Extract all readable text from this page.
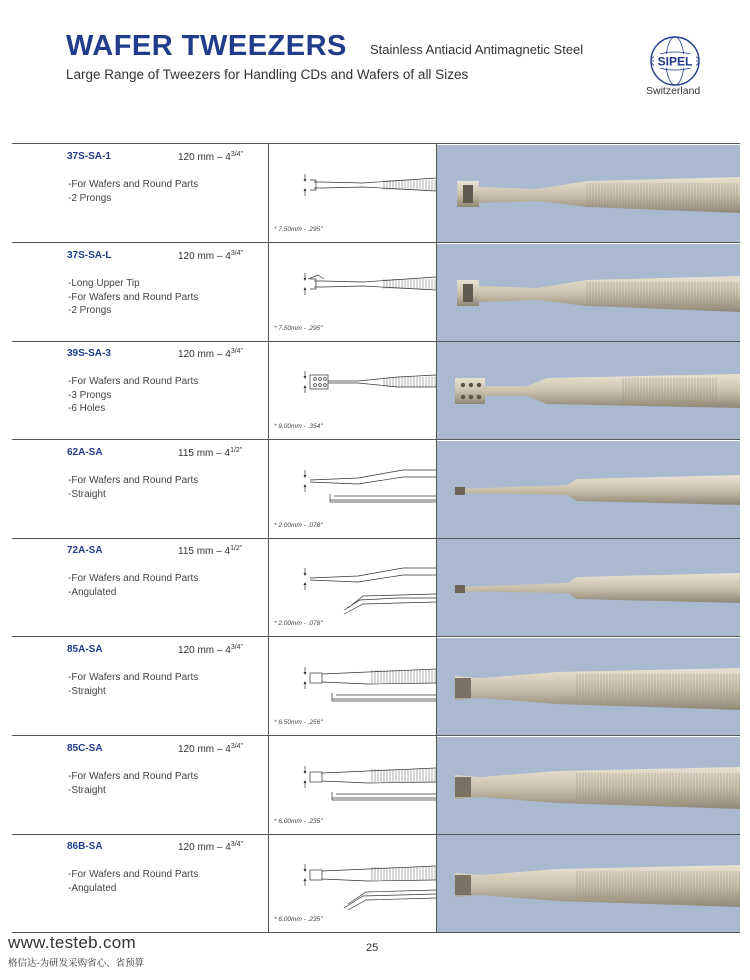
WAFER TWEEZERS Stainless Antiacid Antimagnetic Steel
Large Range of Tweezers for Handling CDs and Wafers of all Sizes
SIPEL
Switzerland
37S-SA-1	120 mm – $4^{3/4"}$
-For Wafers and Round Parts
-2 Prongs
* 7.50mm - .295"
37S-SA-L	120 mm – $4^{3/4"}$
-Long Upper Tip
-For Wafers and Round Parts
-2 Prongs
* 7.50mm - .295"
39S-SA-3	120 mm – $4^{3/4"}$
-For Wafers and Round Parts
-3 Prongs
-6 Holes
* 9.00mm - .354"
62A-SA	115 mm – $4^{1/2"}$
-For Wafers and Round Parts
-Straight
* 2.00mm - .078"
72A-SA	115 mm – $4^{1/2"}$
-For Wafers and Round Parts
-Angulated
* 2.00mm - .078"
85A-SA	120 mm – $4^{3/4"}$
-For Wafers and Round Parts
-Straight
* 6.50mm - .256"
85C-SA	120 mm – $4^{3/4"}$
-For Wafers and Round Parts
-Straight
* 6.00mm - .235"
86B-SA	120 mm – $4^{3/4"}$
-For Wafers and Round Parts
-Angulated
* 6.00mm - .235"
www.testeb.com
格信达-为研发采购省心、省预算
25
